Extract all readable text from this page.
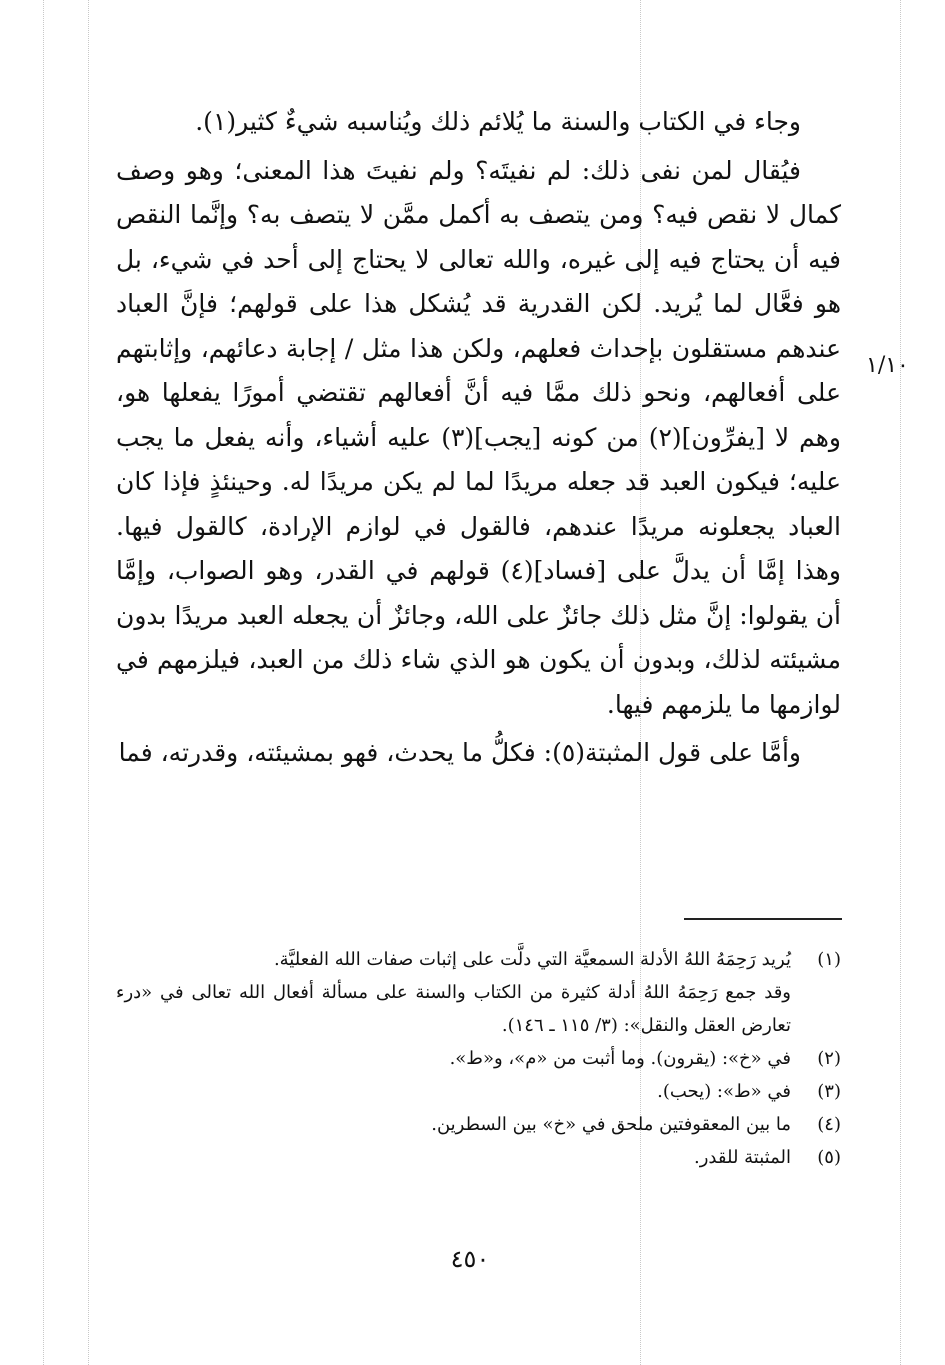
١/١٠

وجاء في الكتاب والسنة ما يُلائم ذلك ويُناسبه شيءٌ كثير(١).

فيُقال لمن نفى ذلك: لم نفيتَه؟ ولم نفيتَ هذا المعنى؛ وهو وصف كمال لا نقص فيه؟ ومن يتصف به أكمل ممَّن لا يتصف به؟ وإنَّما النقص فيه أن يحتاج فيه إلى غيره، والله تعالى لا يحتاج إلى أحد في شيء، بل هو فعَّال لما يُريد. لكن القدرية قد يُشكل هذا على قولهم؛ فإنَّ العباد عندهم مستقلون بإحداث فعلهم، ولكن هذا مثل / إجابة دعائهم، وإثابتهم على أفعالهم، ونحو ذلك ممَّا فيه أنَّ أفعالهم تقتضي أمورًا يفعلها هو، وهم لا [يفرِّون](٢) من كونه [يجب](٣) عليه أشياء، وأنه يفعل ما يجب عليه؛ فيكون العبد قد جعله مريدًا لما لم يكن مريدًا له. وحينئذٍ فإذا كان العباد يجعلونه مريدًا عندهم، فالقول في لوازم الإرادة، كالقول فيها. وهذا إمَّا أن يدلَّ على [فساد](٤) قولهم في القدر، وهو الصواب، وإمَّا أن يقولوا: إنَّ مثل ذلك جائزٌ على الله، وجائزٌ أن يجعله العبد مريدًا بدون مشيئته لذلك، وبدون أن يكون هو الذي شاء ذلك من العبد، فيلزمهم في لوازمها ما يلزمهم فيها.

وأمَّا على قول المثبتة(٥): فكلُّ ما يحدث، فهو بمشيئته، وقدرته، فما

(١)
يُريد رَحِمَهُ اللهُ الأدلة السمعيَّة التي دلَّت على إثبات صفات الله الفعليَّة.
وقد جمع رَحِمَهُ اللهُ أدلة كثيرة من الكتاب والسنة على مسألة أفعال الله تعالى في «درء تعارض العقل والنقل»: (٣/ ١١٥ ـ ١٤٦).
(٢)
في «خ»: (يقرون). وما أثبت من «م»، و«ط».
(٣)
في «ط»: (يحب).
(٤)
ما بين المعقوفتين ملحق في «خ» بين السطرين.
(٥)
المثبتة للقدر.
٤٥٠
